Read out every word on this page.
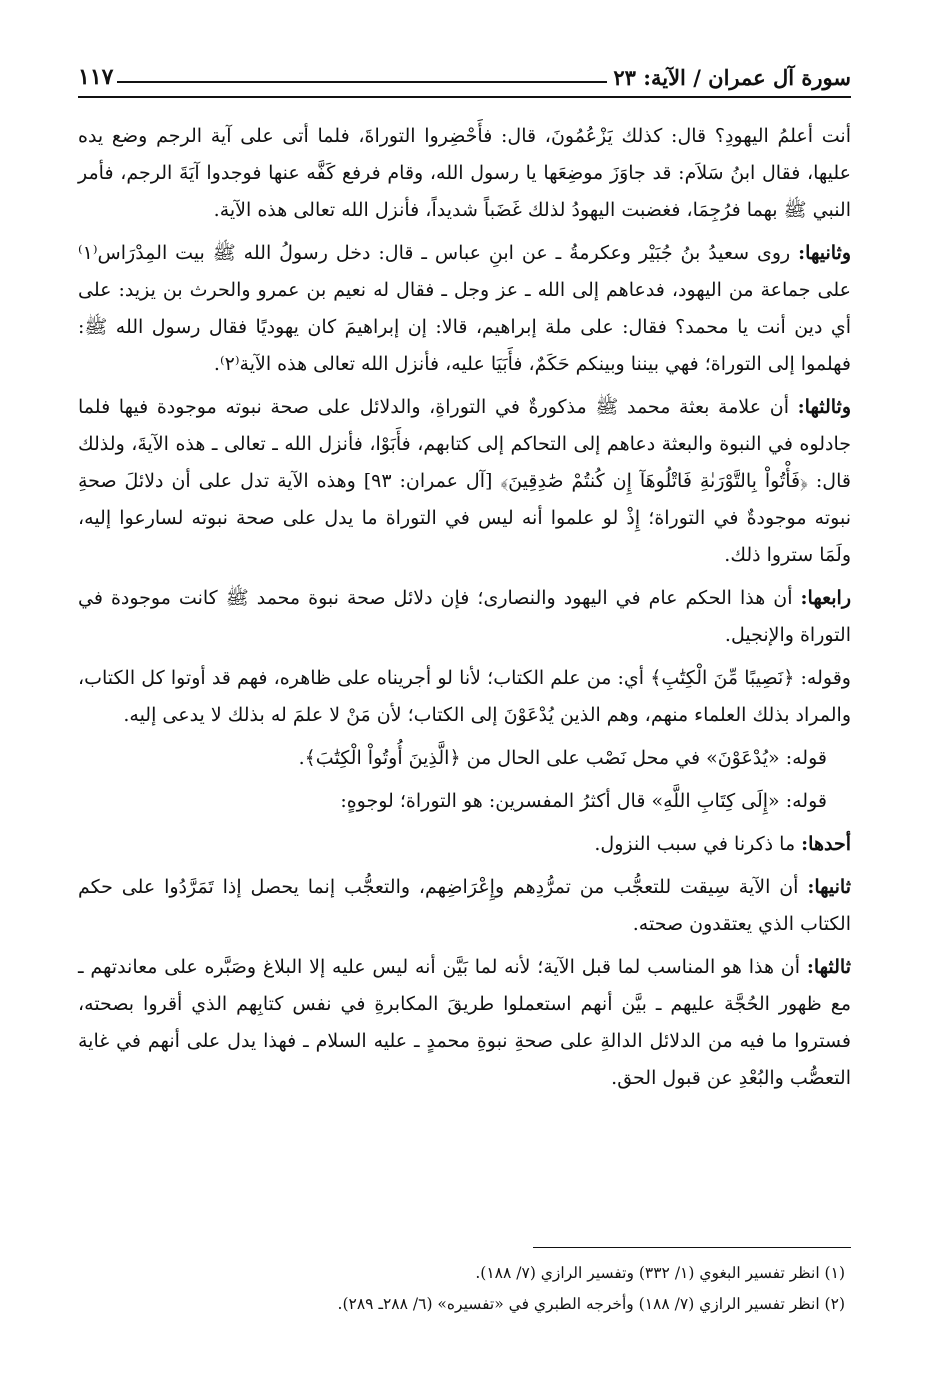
سورة آل عمران / الآية: ٢٣
١١٧

أنت أعلمُ اليهودِ؟ قال: كذلك يَزْعُمُونَ، قال: فأَحْضِروا التوراةَ، فلما أتى على آية الرجم وضع يده عليها، فقال ابنُ سَلاَم: قد جاوَزَ موضِعَها يا رسول الله، وقام فرفع كَفَّه عنها فوجدوا آيَةَ الرجم، فأمر النبي ﷺ بهما فرُجِمَا، فغضبت اليهودُ لذلك غَضَباً شديداً، فأنزل الله تعالى هذه الآية.

وثانيها: روى سعيدُ بنُ جُبَيْر وعكرمةُ ـ عن ابنِ عباس ـ قال: دخل رسولُ الله ﷺ بيت المِدْرَاس⁽١⁾ على جماعة من اليهود، فدعاهم إلى الله ـ عز وجل ـ فقال له نعيم بن عمرو والحرث بن يزيد: على أي دين أنت يا محمد؟ فقال: على ملة إبراهيم، قالا: إن إبراهيمَ كان يهوديًا فقال رسول الله ﷺ: فهلموا إلى التوراة؛ فهي بيننا وبينكم حَكَمٌ، فأَبَيَا عليه، فأنزل الله تعالى هذه الآية⁽٢⁾.

وثالثها: أن علامة بعثة محمد ﷺ مذكورةٌ في التوراةِ، والدلائل على صحة نبوته موجودة فيها فلما جادلوه في النبوة والبعثة دعاهم إلى التحاكم إلى كتابهم، فأَبَوْا، فأنزل الله ـ تعالى ـ هذه الآيةَ، ولذلك قال: ﴿فَأْتُواْ بِالتَّوْرَىٰةِ فَاتْلُوهَآ إِن كُنتُمْ صَٰدِقِينَ﴾ [آل عمران: ٩٣] وهذه الآية تدل على أن دلائلَ صحةِ نبوته موجودةٌ في التوراة؛ إِذْ لو علموا أنه ليس في التوراة ما يدل على صحة نبوته لسارعوا إليه، ولَمَا ستروا ذلك.

رابعها: أن هذا الحكم عام في اليهود والنصارى؛ فإن دلائل صحة نبوة محمد ﷺ كانت موجودة في التوراة والإنجيل.

وقوله: ﴿نَصِيبًا مِّنَ الْكِتَٰبِ﴾ أي: من علم الكتاب؛ لأنا لو أجريناه على ظاهره، فهم قد أوتوا كل الكتاب، والمراد بذلك العلماء منهم، وهم الذين يُدْعَوْنَ إلى الكتاب؛ لأن مَنْ لا علمَ له بذلك لا يدعى إليه.

قوله: «يُدْعَوْنَ» في محل نَصْب على الحال من ﴿الَّذِينَ أُوتُواْ الْكِتَٰبَ﴾.

قوله: «إِلَى كِتَابِ اللَّهِ» قال أكثرُ المفسرين: هو التوراة؛ لوجوهٍ:

أحدها: ما ذكرنا في سبب النزول.

ثانيها: أن الآية سِيقت للتعجُّب من تمرُّدِهم وإِعْرَاضِهم، والتعجُّب إنما يحصل إذا تَمَرَّدُوا على حكم الكتاب الذي يعتقدون صحته.

ثالثها: أن هذا هو المناسب لما قبل الآية؛ لأنه لما بَيَّن أنه ليس عليه إلا البلاغ وصَبَّره على معاندتهم ـ مع ظهور الحُجَّة عليهم ـ بيَّن أنهم استعملوا طريقَ المكابرةِ في نفس كتابِهم الذي أقروا بصحته، فستروا ما فيه من الدلائل الدالةِ على صحةِ نبوةِ محمدٍ ـ عليه السلام ـ فهذا يدل على أنهم في غاية التعصُّب والبُعْدِ عن قبول الحق.

(١) انظر تفسير البغوي (١/ ٣٣٢) وتفسير الرازي (٧/ ١٨٨).
(٢) انظر تفسير الرازي (٧/ ١٨٨) وأخرجه الطبري في «تفسيره» (٦/ ٢٨٨ـ ٢٨٩).
